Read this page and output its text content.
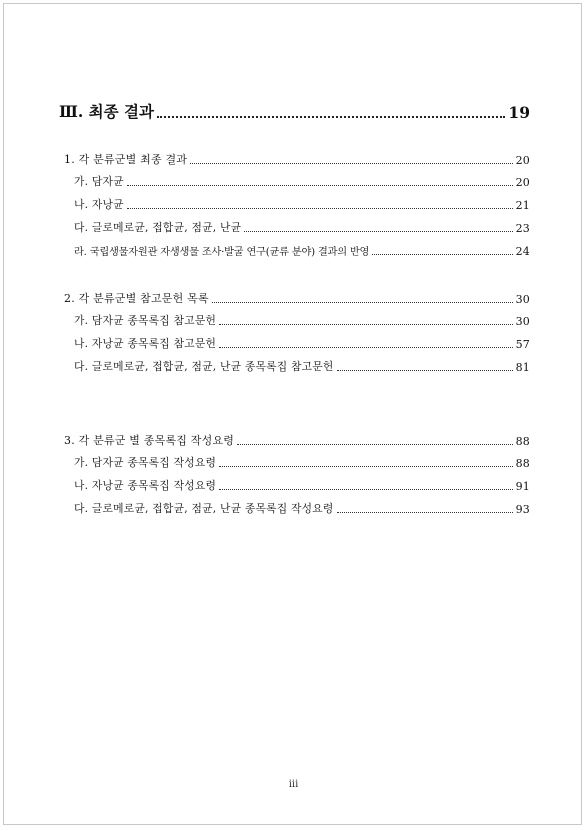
Ⅲ. 최종 결과	19
1. 각 분류군별 최종 결과	20
가. 담자균	20
나. 자낭균	21
다. 글로메로균, 접합균, 점균, 난균	23
라. 국립생물자원관 자생생물 조사·발굴 연구(균류 분야) 결과의 반영	24
2. 각 분류군별 참고문헌 목록	30
가. 담자균 종목록집 참고문헌	30
나. 자낭균 종목록집 참고문헌	57
다. 글로메로균, 접합균, 점균, 난균 종목록집 참고문헌	81
3. 각 분류군 별 종목록집 작성요령	88
가. 담자균 종목록집 작성요령	88
나. 자낭균 종목록집 작성요령	91
다. 글로메로균, 접합균, 점균, 난균 종목록집 작성요령	93
iii
